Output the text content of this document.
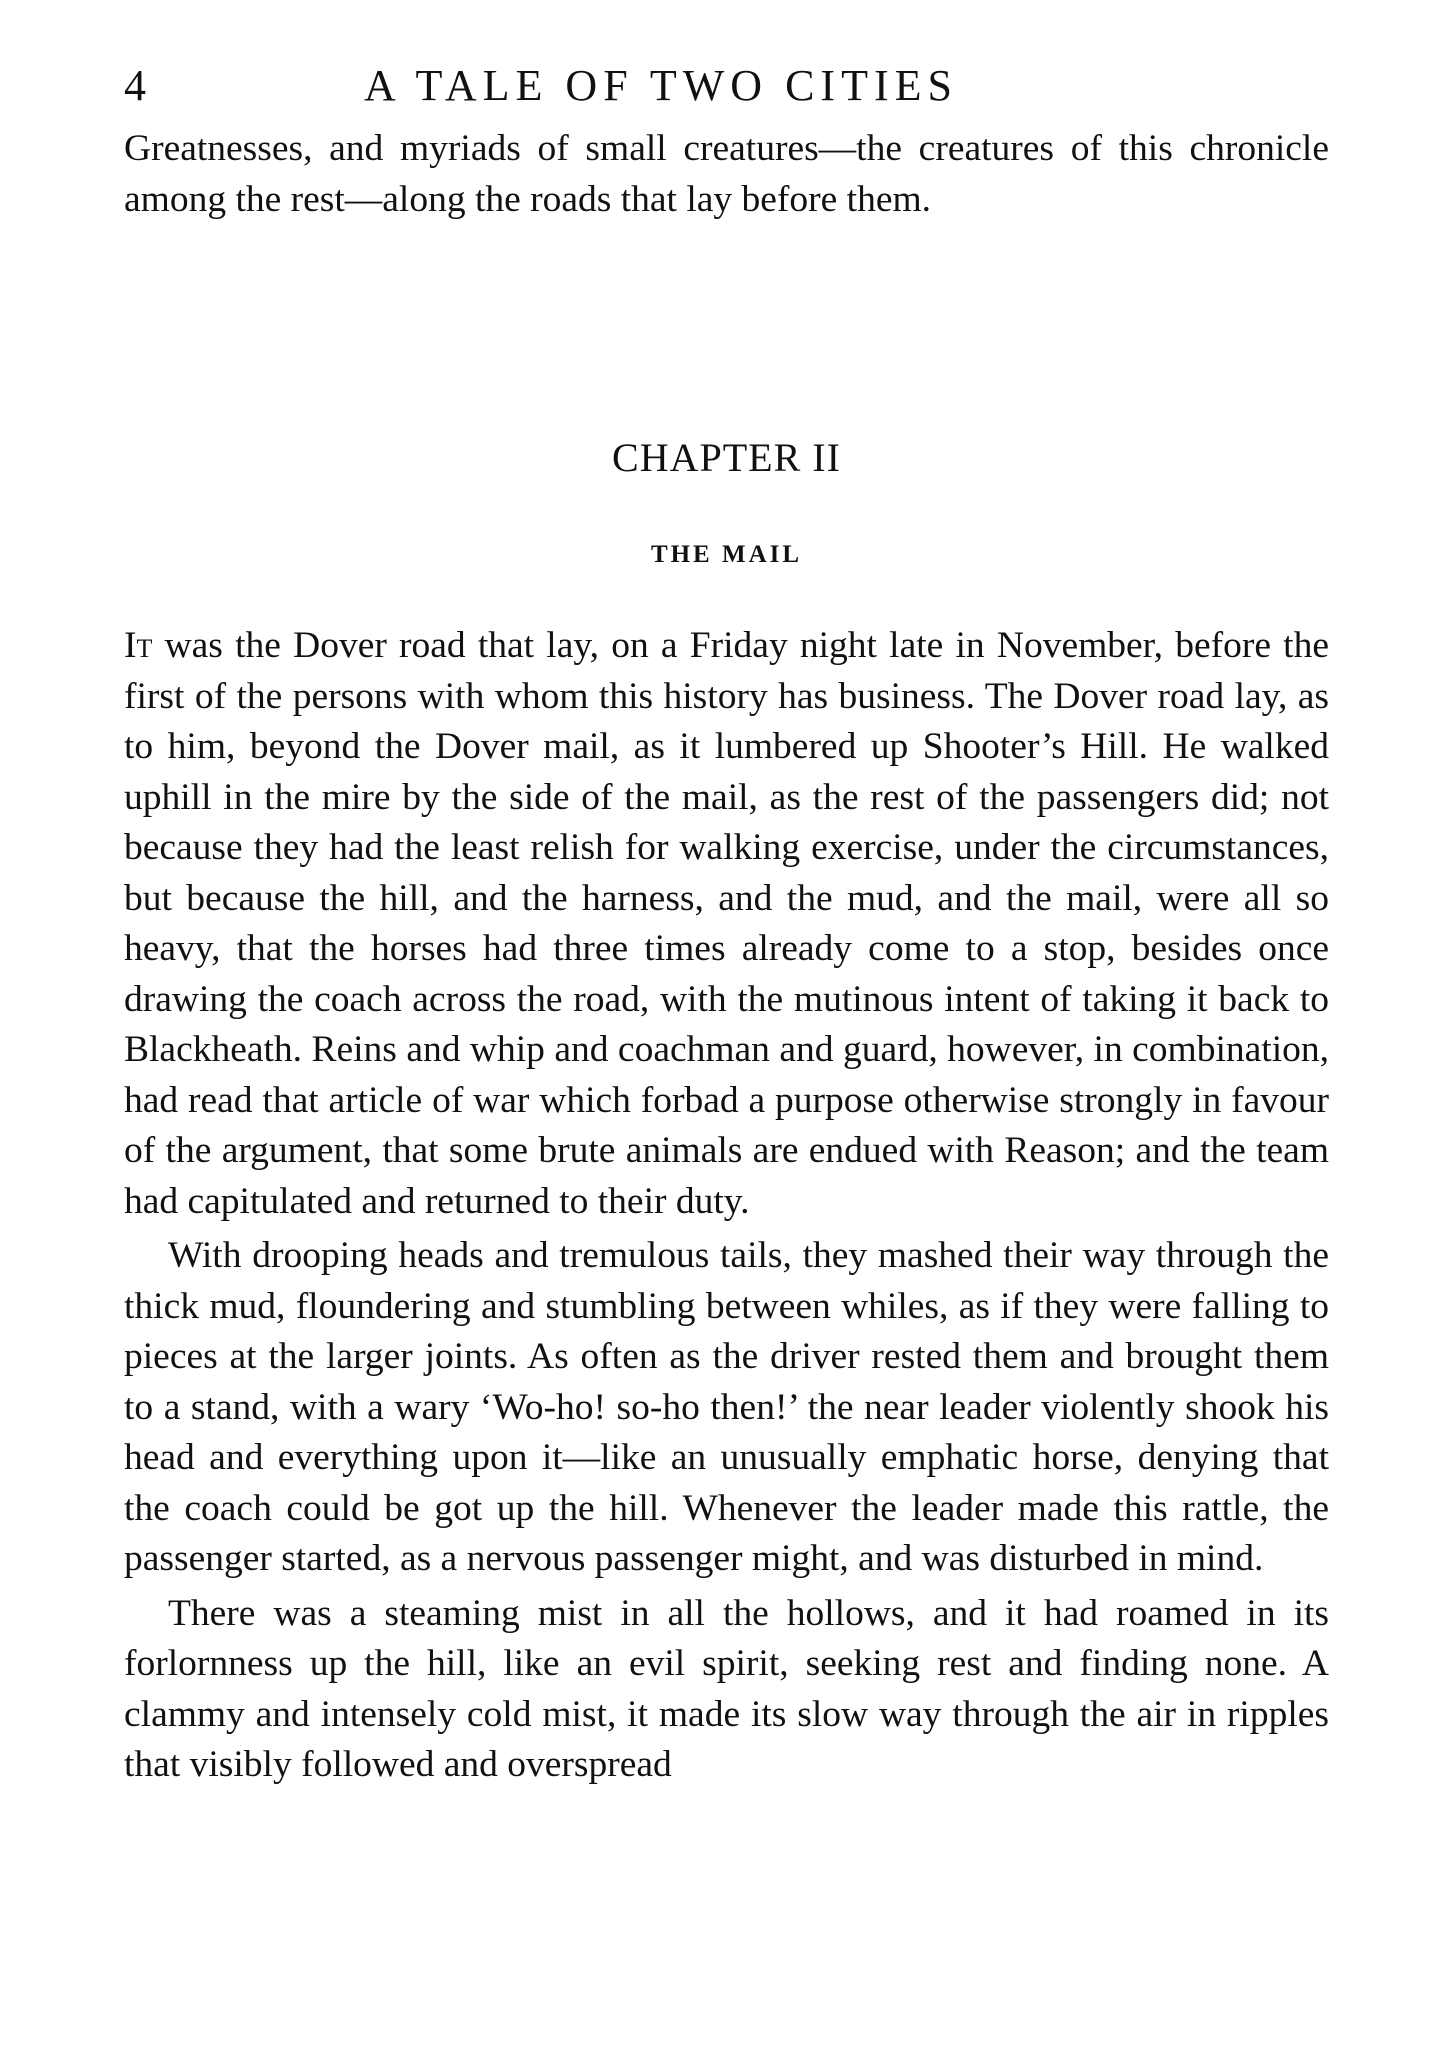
4	A TALE OF TWO CITIES

Greatnesses, and myriads of small creatures—the creatures of this chronicle among the rest—along the roads that lay before them.

CHAPTER II
THE MAIL

It was the Dover road that lay, on a Friday night late in November, before the first of the persons with whom this history has business. The Dover road lay, as to him, beyond the Dover mail, as it lumbered up Shooter’s Hill. He walked uphill in the mire by the side of the mail, as the rest of the passengers did; not because they had the least relish for walking exercise, under the circumstances, but because the hill, and the harness, and the mud, and the mail, were all so heavy, that the horses had three times already come to a stop, besides once drawing the coach across the road, with the mutinous intent of taking it back to Blackheath. Reins and whip and coachman and guard, however, in combination, had read that article of war which forbad a purpose otherwise strongly in favour of the argument, that some brute animals are endued with Reason; and the team had capitulated and returned to their duty.

With drooping heads and tremulous tails, they mashed their way through the thick mud, floundering and stumbling between whiles, as if they were falling to pieces at the larger joints. As often as the driver rested them and brought them to a stand, with a wary ‘Wo-ho! so-ho then!’ the near leader violently shook his head and everything upon it—like an unusually emphatic horse, denying that the coach could be got up the hill. Whenever the leader made this rattle, the passenger started, as a nervous passenger might, and was disturbed in mind.

There was a steaming mist in all the hollows, and it had roamed in its forlornness up the hill, like an evil spirit, seeking rest and finding none. A clammy and intensely cold mist, it made its slow way through the air in ripples that visibly followed and overspread
